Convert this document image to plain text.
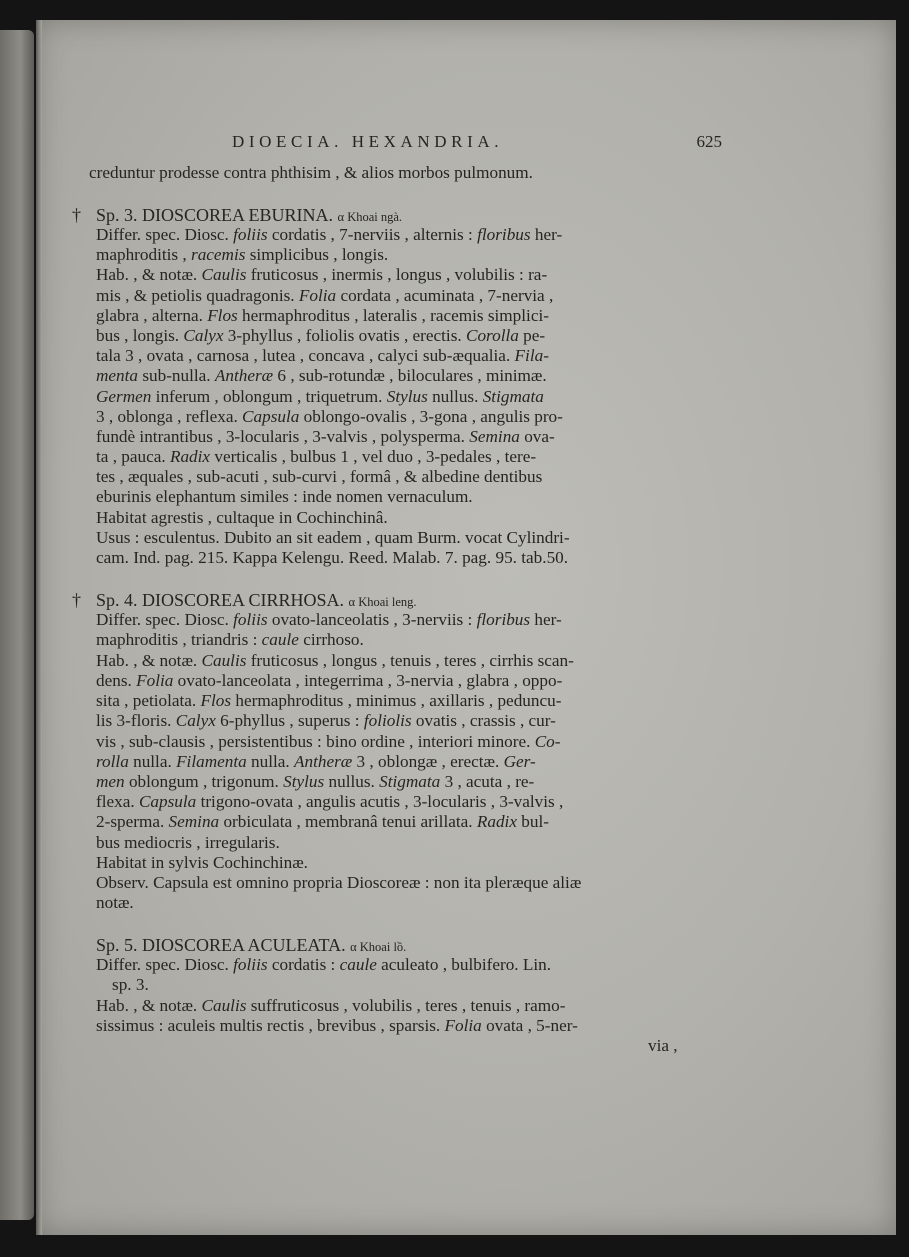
DIOECIA. HEXANDRIA.	625
creduntur prodesse contra phthisim , & alios morbos pulmonum.
† Sp. 3. DIOSCOREA EBURINA. α Khoai ngà.
Differ. spec. Diosc. foliis cordatis , 7-nerviis , alternis : floribus her-
maphroditis , racemis simplicibus , longis.
Hab. , & notæ. Caulis fruticosus , inermis , longus , volubilis : ra-
mis , & petiolis quadragonis. Folia cordata , acuminata , 7-nervia ,
glabra , alterna. Flos hermaphroditus , lateralis , racemis simplici-
bus , longis. Calyx 3-phyllus , foliolis ovatis , erectis. Corolla pe-
tala 3 , ovata , carnosa , lutea , concava , calyci sub-æqualia. Fila-
menta sub-nulla. Antheræ 6 , sub-rotundæ , biloculares , minimæ.
Germen inferum , oblongum , triquetrum. Stylus nullus. Stigmata
3 , oblonga , reflexa. Capsula oblongo-ovalis , 3-gona , angulis pro-
fundè intrantibus , 3-locularis , 3-valvis , polysperma. Semina ova-
ta , pauca. Radix verticalis , bulbus 1 , vel duo , 3-pedales , tere-
tes , æquales , sub-acuti , sub-curvi , formâ , & albedine dentibus
eburinis elephantum similes : inde nomen vernaculum.
Habitat agrestis , cultaque in Cochinchinâ.
Usus : esculentus. Dubito an sit eadem , quam Burm. vocat Cylindri-
cam. Ind. pag. 215. Kappa Kelengu. Reed. Malab. 7. pag. 95. tab.50.
† Sp. 4. DIOSCOREA CIRRHOSA. α Khoai leng.
Differ. spec. Diosc. foliis ovato-lanceolatis , 3-nerviis : floribus her-
maphroditis , triandris : caule cirrhoso.
Hab. , & notæ. Caulis fruticosus , longus , tenuis , teres , cirrhis scan-
dens. Folia ovato-lanceolata , integerrima , 3-nervia , glabra , oppo-
sita , petiolata. Flos hermaphroditus , minimus , axillaris , peduncu-
lis 3-floris. Calyx 6-phyllus , superus : foliolis ovatis , crassis , cur-
vis , sub-clausis , persistentibus : bino ordine , interiori minore. Co-
rolla nulla. Filamenta nulla. Antheræ 3 , oblongæ , erectæ. Ger-
men oblongum , trigonum. Stylus nullus. Stigmata 3 , acuta , re-
flexa. Capsula trigono-ovata , angulis acutis , 3-locularis , 3-valvis ,
2-sperma. Semina orbiculata , membranâ tenui arillata. Radix bul-
bus mediocris , irregularis.
Habitat in sylvis Cochinchinæ.
Observ. Capsula est omnino propria Dioscoreæ : non ita pleræque aliæ
notæ.
Sp. 5. DIOSCOREA ACULEATA. α Khoai lồ.
Differ. spec. Diosc. foliis cordatis : caule aculeato , bulbifero. Lin.
sp. 3.
Hab. , & notæ. Caulis suffruticosus , volubilis , teres , tenuis , ramo-
sissimus : aculeis multis rectis , brevibus , sparsis. Folia ovata , 5-ner-
via ,
